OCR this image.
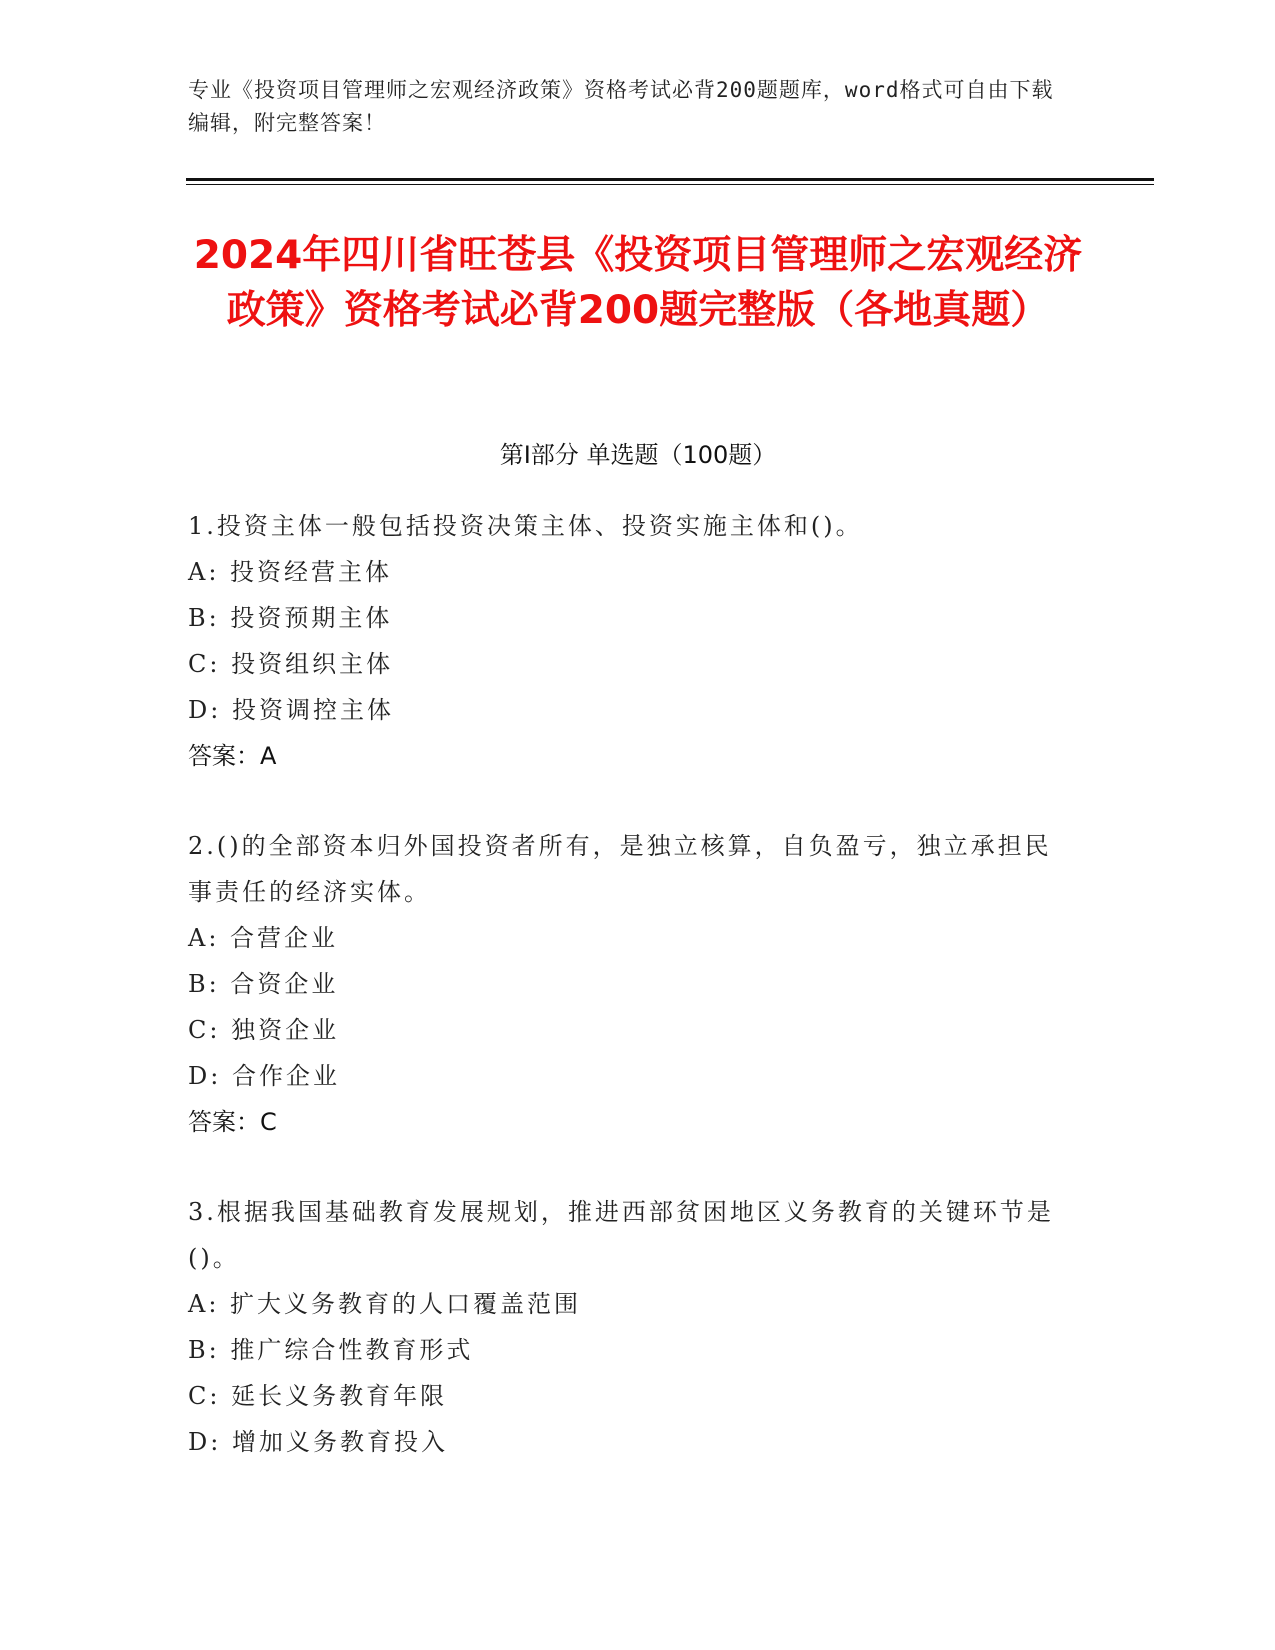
专业《投资项目管理师之宏观经济政策》资格考试必背200题题库，word格式可自由下载编辑，附完整答案！
2024年四川省旺苍县《投资项目管理师之宏观经济政策》资格考试必背200题完整版（各地真题）
第I部分 单选题（100题）
1.投资主体一般包括投资决策主体、投资实施主体和()。
A: 投资经营主体
B: 投资预期主体
C: 投资组织主体
D: 投资调控主体
答案：A
2.()的全部资本归外国投资者所有，是独立核算，自负盈亏，独立承担民事责任的经济实体。
A: 合营企业
B: 合资企业
C: 独资企业
D: 合作企业
答案：C
3.根据我国基础教育发展规划，推进西部贫困地区义务教育的关键环节是()。
A: 扩大义务教育的人口覆盖范围
B: 推广综合性教育形式
C: 延长义务教育年限
D: 增加义务教育投入
